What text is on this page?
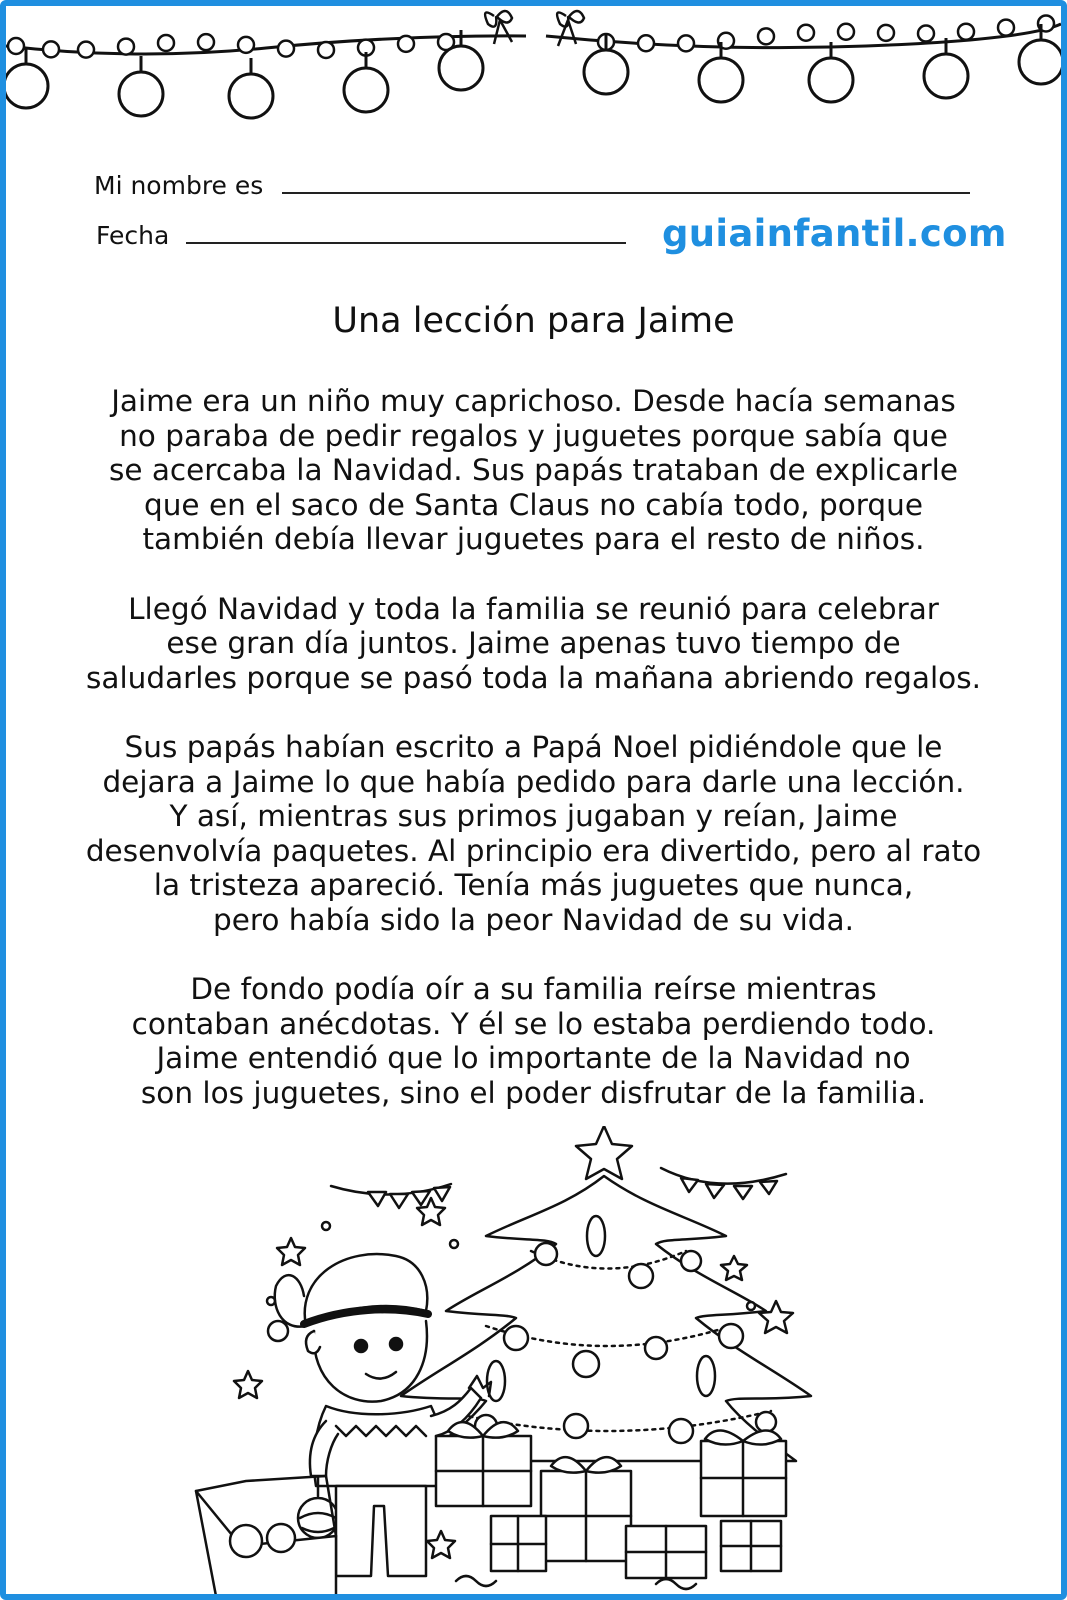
Mi nombre es
Fecha	guiainfantil.com
Una lección para Jaime

Jaime era un niño muy caprichoso. Desde hacía semanas
no paraba de pedir regalos y juguetes porque sabía que
se acercaba la Navidad. Sus papás trataban de explicarle
que en el saco de Santa Claus no cabía todo, porque
también debía llevar juguetes para el resto de niños.

Llegó Navidad y toda la familia se reunió para celebrar
ese gran día juntos. Jaime apenas tuvo tiempo de
saludarles porque se pasó toda la mañana abriendo regalos.

Sus papás habían escrito a Papá Noel pidiéndole que le
dejara a Jaime lo que había pedido para darle una lección.
Y así, mientras sus primos jugaban y reían, Jaime
desenvolvía paquetes. Al principio era divertido, pero al rato
la tristeza apareció. Tenía más juguetes que nunca,
pero había sido la peor Navidad de su vida.

De fondo podía oír a su familia reírse mientras
contaban anécdotas. Y él se lo estaba perdiendo todo.
Jaime entendió que lo importante de la Navidad no
son los juguetes, sino el poder disfrutar de la familia.
